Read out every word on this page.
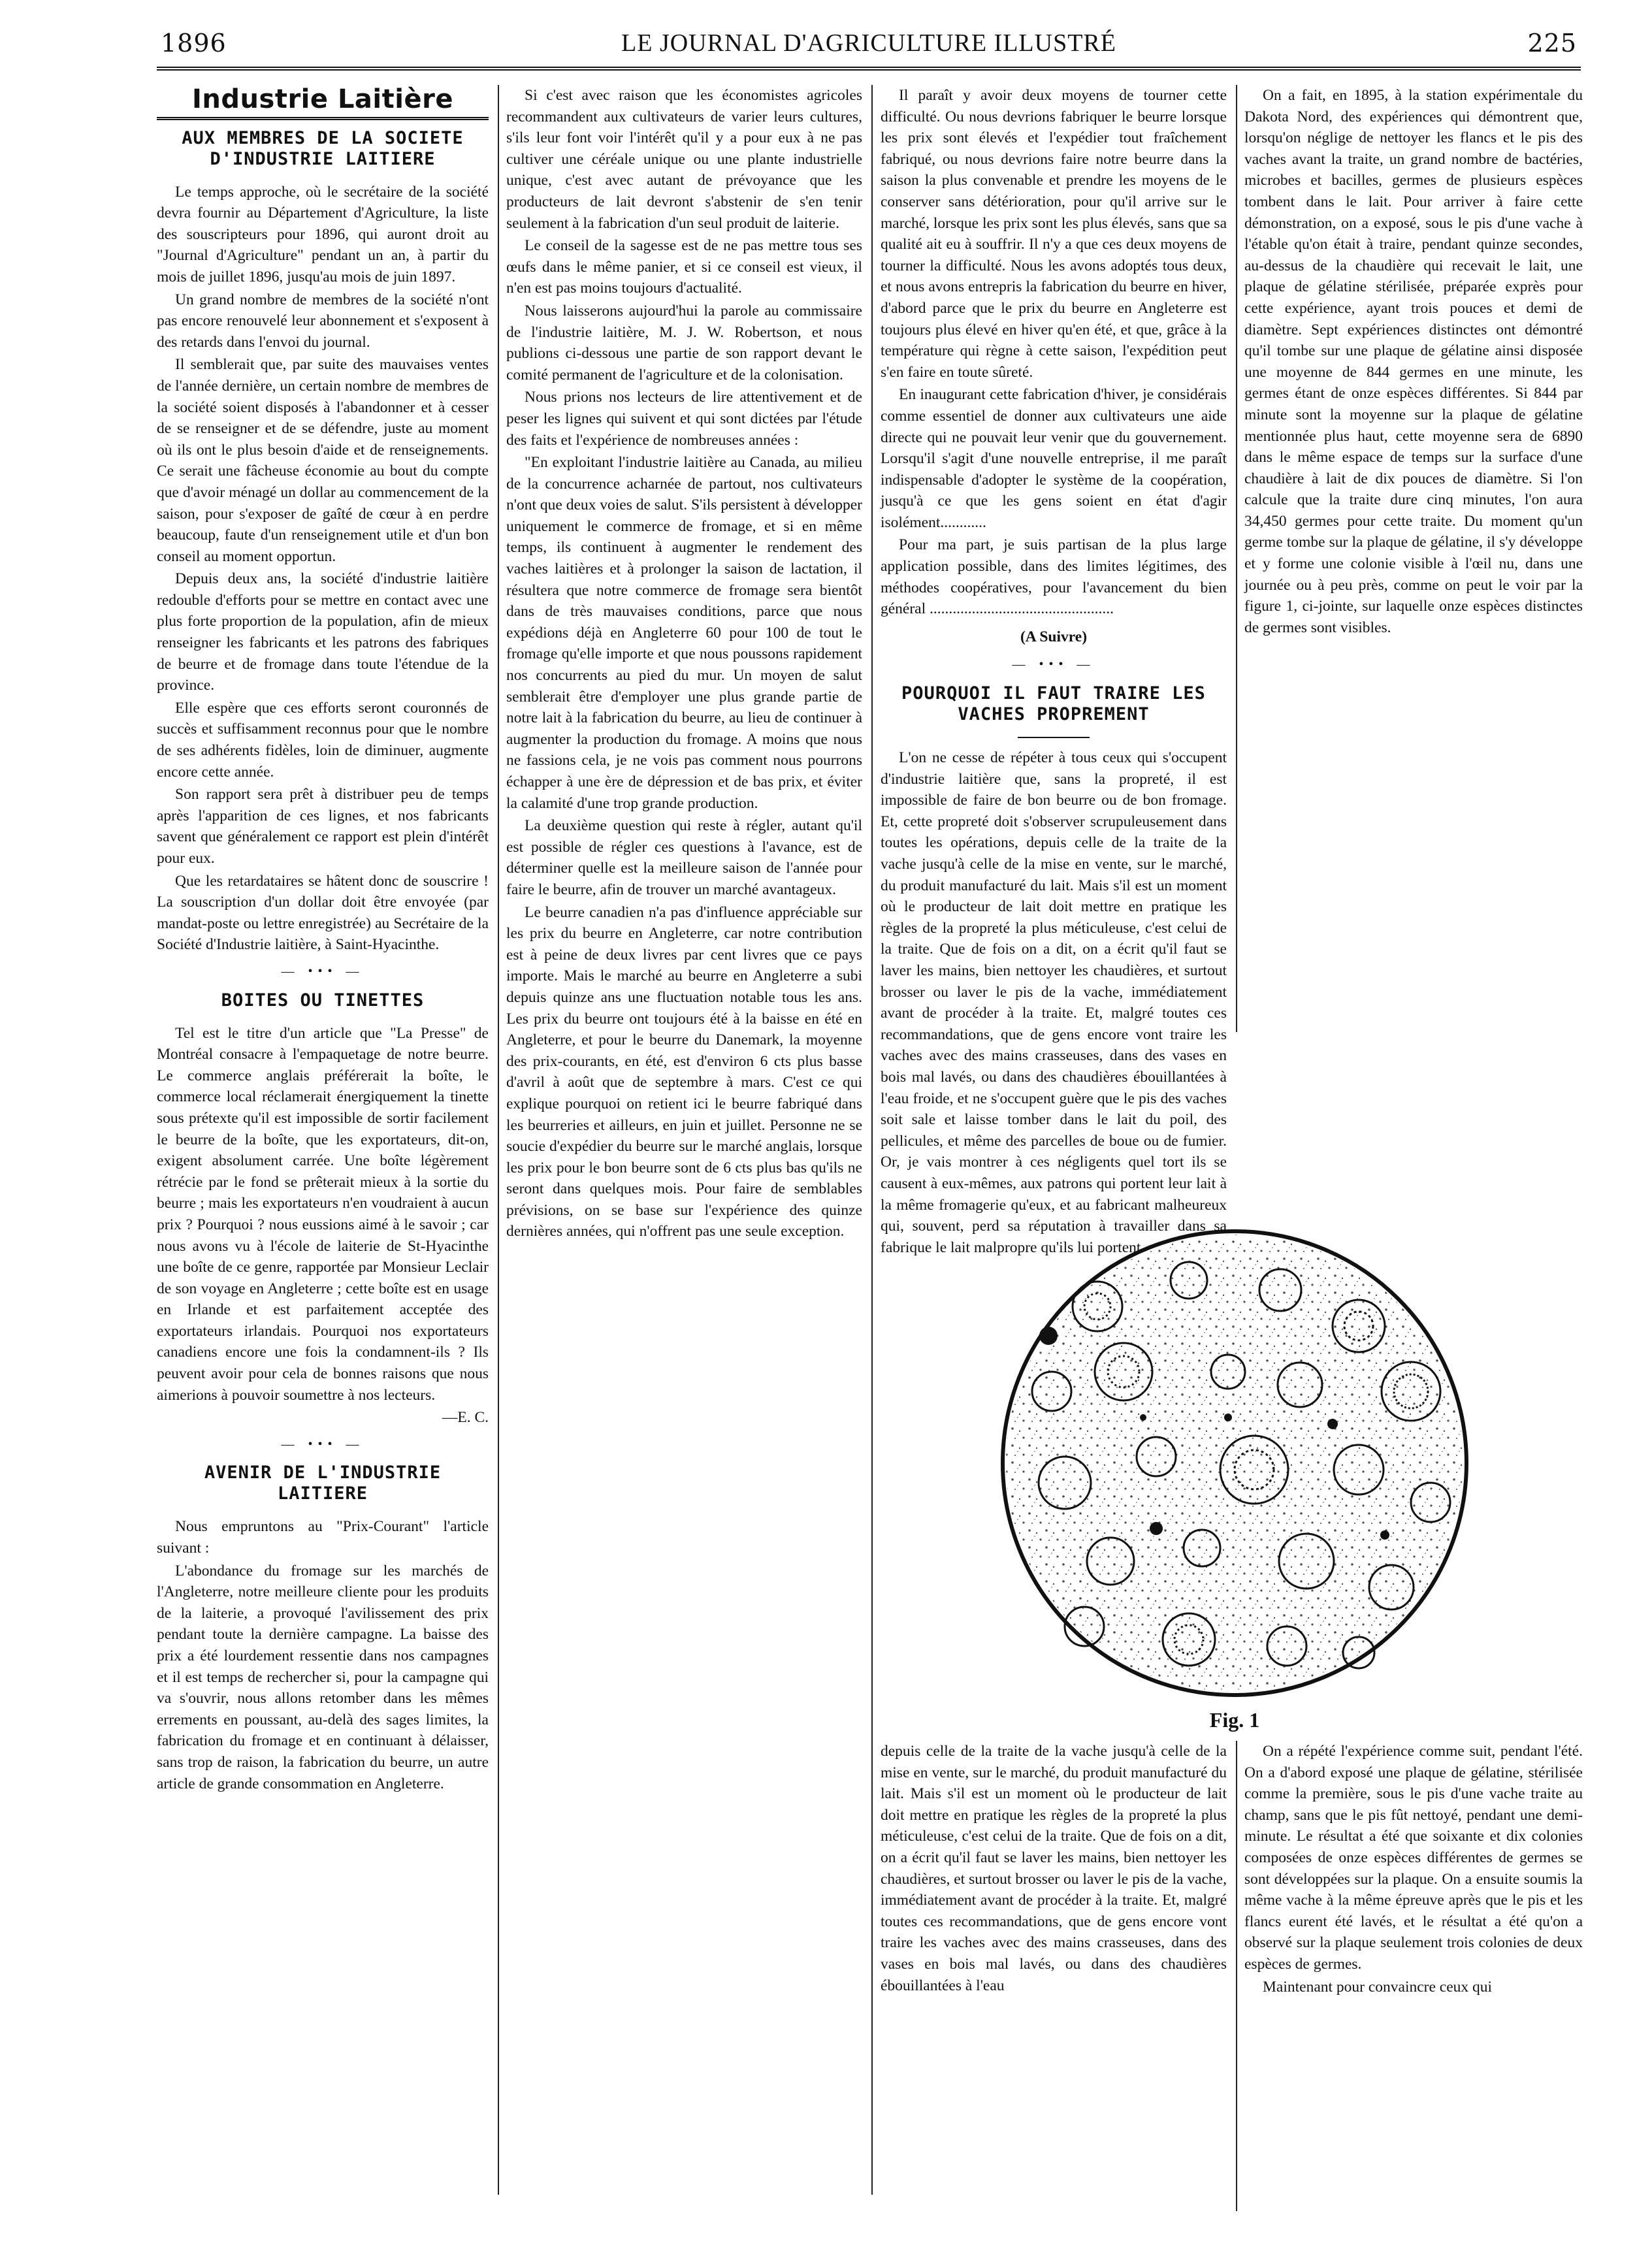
1896	LE JOURNAL D'AGRICULTURE ILLUSTRÉ	225
Industrie Laitière
AUX MEMBRES DE LA SOCIETE D'INDUSTRIE LAITIERE

Le temps approche, où le secrétaire de la société devra fournir au Département d'Agriculture, la liste des souscripteurs pour 1896, qui auront droit au "Journal d'Agriculture" pendant un an, à partir du mois de juillet 1896, jusqu'au mois de juin 1897.

Un grand nombre de membres de la société n'ont pas encore renouvelé leur abonnement et s'exposent à des retards dans l'envoi du journal.

Il semblerait que, par suite des mauvaises ventes de l'année dernière, un certain nombre de membres de la société soient disposés à l'abandonner et à cesser de se renseigner et de se défendre, juste au moment où ils ont le plus besoin d'aide et de renseignements. Ce serait une fâcheuse économie au bout du compte que d'avoir ménagé un dollar au commencement de la saison, pour s'exposer de gaîté de cœur à en perdre beaucoup, faute d'un renseignement utile et d'un bon conseil au moment opportun.

Depuis deux ans, la société d'industrie laitière redouble d'efforts pour se mettre en contact avec une plus forte proportion de la population, afin de mieux renseigner les fabricants et les patrons des fabriques de beurre et de fromage dans toute l'étendue de la province.

Elle espère que ces efforts seront couronnés de succès et suffisamment reconnus pour que le nombre de ses adhérents fidèles, loin de diminuer, augmente encore cette année.

Son rapport sera prêt à distribuer peu de temps après l'apparition de ces lignes, et nos fabricants savent que généralement ce rapport est plein d'intérêt pour eux.

Que les retardataires se hâtent donc de souscrire ! La souscription d'un dollar doit être envoyée (par mandat-poste ou lettre enregistrée) au Secrétaire de la Société d'Industrie laitière, à Saint-Hyacinthe.

— ••• —
BOITES OU TINETTES

Tel est le titre d'un article que "La Presse" de Montréal consacre à l'empaquetage de notre beurre. Le commerce anglais préférerait la boîte, le commerce local réclamerait énergiquement la tinette sous prétexte qu'il est impossible de sortir facilement le beurre de la boîte, que les exportateurs, dit-on, exigent absolument carrée. Une boîte légèrement rétrécie par le fond se prêterait mieux à la sortie du beurre ; mais les exportateurs n'en voudraient à aucun prix ? Pourquoi ? nous eussions aimé à le savoir ; car nous avons vu à l'école de laiterie de St-Hyacinthe une boîte de ce genre, rapportée par Monsieur Leclair de son voyage en Angleterre ; cette boîte est en usage en Irlande et est parfaitement acceptée des exportateurs irlandais. Pourquoi nos exportateurs canadiens encore une fois la condamnent-ils ? Ils peuvent avoir pour cela de bonnes raisons que nous aimerions à pouvoir soumettre à nos lecteurs.

—E. C.
— ••• —
AVENIR DE L'INDUSTRIE LAITIERE

Nous empruntons au "Prix-Courant" l'article suivant :

L'abondance du fromage sur les marchés de l'Angleterre, notre meilleure cliente pour les produits de la laiterie, a provoqué l'avilissement des prix pendant toute la dernière campagne. La baisse des prix a été lourdement ressentie dans nos campagnes et il est temps de rechercher si, pour la campagne qui va s'ouvrir, nous allons retomber dans les mêmes errements en poussant, au-delà des sages limites, la fabrication du fromage et en continuant à délaisser, sans trop de raison, la fabrication du beurre, un autre article de grande consommation en Angleterre.

Si c'est avec raison que les économistes agricoles recommandent aux cultivateurs de varier leurs cultures, s'ils leur font voir l'intérêt qu'il y a pour eux à ne pas cultiver une céréale unique ou une plante industrielle unique, c'est avec autant de prévoyance que les producteurs de lait devront s'abstenir de s'en tenir seulement à la fabrication d'un seul produit de laiterie.

Le conseil de la sagesse est de ne pas mettre tous ses œufs dans le même panier, et si ce conseil est vieux, il n'en est pas moins toujours d'actualité.

Nous laisserons aujourd'hui la parole au commissaire de l'industrie laitière, M. J. W. Robertson, et nous publions ci-dessous une partie de son rapport devant le comité permanent de l'agriculture et de la colonisation.

Nous prions nos lecteurs de lire attentivement et de peser les lignes qui suivent et qui sont dictées par l'étude des faits et l'expérience de nombreuses années :

"En exploitant l'industrie laitière au Canada, au milieu de la concurrence acharnée de partout, nos cultivateurs n'ont que deux voies de salut. S'ils persistent à développer uniquement le commerce de fromage, et si en même temps, ils continuent à augmenter le rendement des vaches laitières et à prolonger la saison de lactation, il résultera que notre commerce de fromage sera bientôt dans de très mauvaises conditions, parce que nous expédions déjà en Angleterre 60 pour 100 de tout le fromage qu'elle importe et que nous poussons rapidement nos concurrents au pied du mur. Un moyen de salut semblerait être d'employer une plus grande partie de notre lait à la fabrication du beurre, au lieu de continuer à augmenter la production du fromage. A moins que nous ne fassions cela, je ne vois pas comment nous pourrons échapper à une ère de dépression et de bas prix, et éviter la calamité d'une trop grande production.

La deuxième question qui reste à régler, autant qu'il est possible de régler ces questions à l'avance, est de déterminer quelle est la meilleure saison de l'année pour faire le beurre, afin de trouver un marché avantageux.

Le beurre canadien n'a pas d'influence appréciable sur les prix du beurre en Angleterre, car notre contribution est à peine de deux livres par cent livres que ce pays importe. Mais le marché au beurre en Angleterre a subi depuis quinze ans une fluctuation notable tous les ans. Les prix du beurre ont toujours été à la baisse en été en Angleterre, et pour le beurre du Danemark, la moyenne des prix-courants, en été, est d'environ 6 cts plus basse d'avril à août que de septembre à mars. C'est ce qui explique pourquoi on retient ici le beurre fabriqué dans les beurreries et ailleurs, en juin et juillet. Personne ne se soucie d'expédier du beurre sur le marché anglais, lorsque les prix pour le bon beurre sont de 6 cts plus bas qu'ils ne seront dans quelques mois. Pour faire de semblables prévisions, on se base sur l'expérience des quinze dernières années, qui n'offrent pas une seule exception.

Il paraît y avoir deux moyens de tourner cette difficulté. Ou nous devrions fabriquer le beurre lorsque les prix sont élevés et l'expédier tout fraîchement fabriqué, ou nous devrions faire notre beurre dans la saison la plus convenable et prendre les moyens de le conserver sans détérioration, pour qu'il arrive sur le marché, lorsque les prix sont les plus élevés, sans que sa qualité ait eu à souffrir. Il n'y a que ces deux moyens de tourner la difficulté. Nous les avons adoptés tous deux, et nous avons entrepris la fabrication du beurre en hiver, d'abord parce que le prix du beurre en Angleterre est toujours plus élevé en hiver qu'en été, et que, grâce à la température qui règne à cette saison, l'expédition peut s'en faire en toute sûreté.

En inaugurant cette fabrication d'hiver, je considérais comme essentiel de donner aux cultivateurs une aide directe qui ne pouvait leur venir que du gouvernement. Lorsqu'il s'agit d'une nouvelle entreprise, il me paraît indispensable d'adopter le système de la coopération, jusqu'à ce que les gens soient en état d'agir isolément............

Pour ma part, je suis partisan de la plus large application possible, dans des limites légitimes, des méthodes coopératives, pour l'avancement du bien général ................................................

(A Suivre)
— ••• —
POURQUOI IL FAUT TRAIRE LES VACHES PROPREMENT

L'on ne cesse de répéter à tous ceux qui s'occupent d'industrie laitière que, sans la propreté, il est impossible de faire de bon beurre ou de bon fromage. Et, cette propreté doit s'observer scrupuleusement dans toutes les opérations, depuis celle de la traite de la vache jusqu'à celle de la mise en vente, sur le marché, du produit manufacturé du lait. Mais s'il est un moment où le producteur de lait doit mettre en pratique les règles de la propreté la plus méticuleuse, c'est celui de la traite. Que de fois on a dit, on a écrit qu'il faut se laver les mains, bien nettoyer les chaudières, et surtout brosser ou laver le pis de la vache, immédiatement avant de procéder à la traite. Et, malgré toutes ces recommandations, que de gens encore vont traire les vaches avec des mains crasseuses, dans des vases en bois mal lavés, ou dans des chaudières ébouillantées à l'eau froide, et ne s'occupent guère que le pis des vaches soit sale et laisse tomber dans le lait du poil, des pellicules, et même des parcelles de boue ou de fumier. Or, je vais montrer à ces négligents quel tort ils se causent à eux-mêmes, aux patrons qui portent leur lait à la même fromagerie qu'eux, et au fabricant malheureux qui, souvent, perd sa réputation à travailler dans sa fabrique le lait malpropre qu'ils lui portent.

On a fait, en 1895, à la station expérimentale du Dakota Nord, des expériences qui démontrent que, lorsqu'on néglige de nettoyer les flancs et le pis des vaches avant la traite, un grand nombre de bactéries, microbes et bacilles, germes de plusieurs espèces tombent dans le lait. Pour arriver à faire cette démonstration, on a exposé, sous le pis d'une vache à l'étable qu'on était à traire, pendant quinze secondes, au-dessus de la chaudière qui recevait le lait, une plaque de gélatine stérilisée, préparée exprès pour cette expérience, ayant trois pouces et demi de diamètre. Sept expériences distinctes ont démontré qu'il tombe sur une plaque de gélatine ainsi disposée une moyenne de 844 germes en une minute, les germes étant de onze espèces différentes. Si 844 par minute sont la moyenne sur la plaque de gélatine mentionnée plus haut, cette moyenne sera de 6890 dans le même espace de temps sur la surface d'une chaudière à lait de dix pouces de diamètre. Si l'on calcule que la traite dure cinq minutes, l'on aura 34,450 germes pour cette traite. Du moment qu'un germe tombe sur la plaque de gélatine, il s'y développe et y forme une colonie visible à l'œil nu, dans une journée ou à peu près, comme on peut le voir par la figure 1, ci-jointe, sur laquelle onze espèces distinctes de germes sont visibles.

Fig. 1

depuis celle de la traite de la vache jusqu'à celle de la mise en vente, sur le marché, du produit manufacturé du lait. Mais s'il est un moment où le producteur de lait doit mettre en pratique les règles de la propreté la plus méticuleuse, c'est celui de la traite. Que de fois on a dit, on a écrit qu'il faut se laver les mains, bien nettoyer les chaudières, et surtout brosser ou laver le pis de la vache, immédiatement avant de procéder à la traite. Et, malgré toutes ces recommandations, que de gens encore vont traire les vaches avec des mains crasseuses, dans des vases en bois mal lavés, ou dans des chaudières ébouillantées à l'eau

On a répété l'expérience comme suit, pendant l'été. On a d'abord exposé une plaque de gélatine, stérilisée comme la première, sous le pis d'une vache traite au champ, sans que le pis fût nettoyé, pendant une demi-minute. Le résultat a été que soixante et dix colonies composées de onze espèces différentes de germes se sont développées sur la plaque. On a ensuite soumis la même vache à la même épreuve après que le pis et les flancs eurent été lavés, et le résultat a été qu'on a observé sur la plaque seulement trois colonies de deux espèces de germes.

Maintenant pour convaincre ceux qui
